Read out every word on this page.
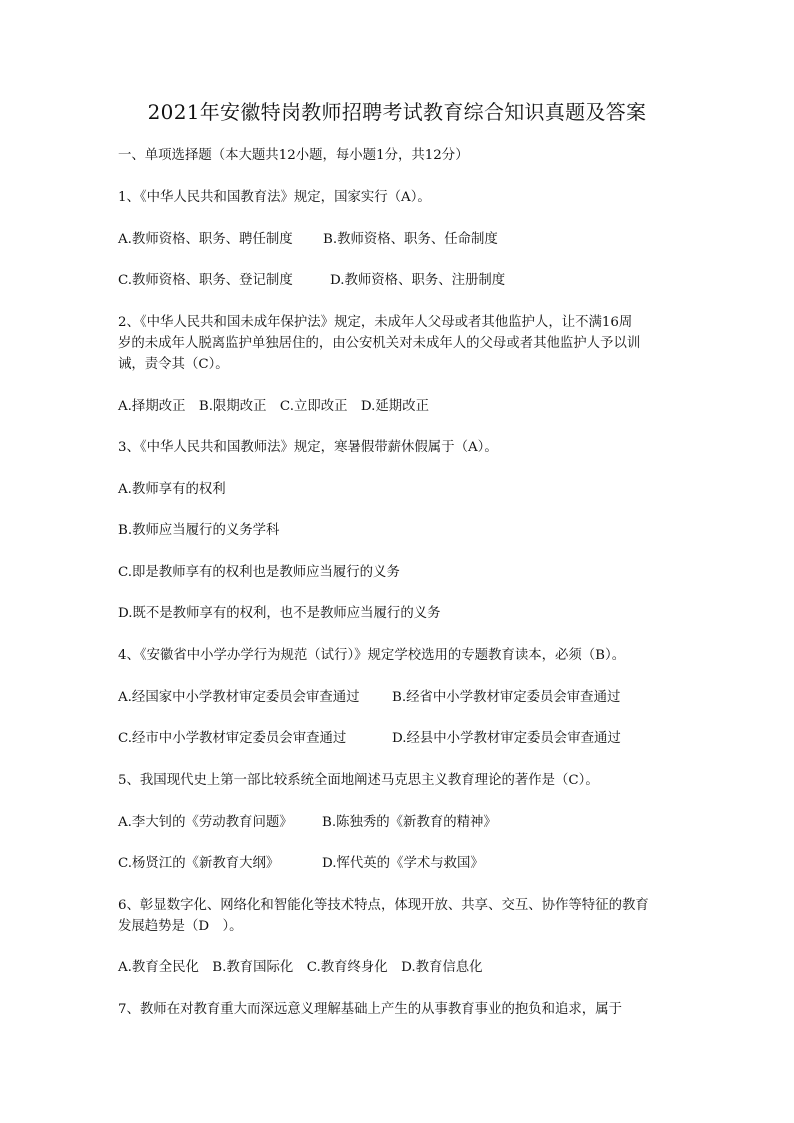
2021年安徽特岗教师招聘考试教育综合知识真题及答案
一、单项选择题（本大题共12小题，每小题1分，共12分）
1、《中华人民共和国教育法》规定，国家实行（A）。
A.教师资格、职务、聘任制度 B.教师资格、职务、任命制度
C.教师资格、职务、登记制度	D.教师资格、职务、注册制度
2、《中华人民共和国未成年保护法》规定，未成年人父母或者其他监护人，让不满16周
岁的未成年人脱离监护单独居住的，由公安机关对未成年人的父母或者其他监护人予以训
诫，责令其（C）。
A.择期改正　B.限期改正　C.立即改正　D.延期改正
3、《中华人民共和国教师法》规定，寒暑假带薪休假属于（A）。
A.教师享有的权利
B.教师应当履行的义务学科
C.即是教师享有的权利也是教师应当履行的义务
D.既不是教师享有的权利，也不是教师应当履行的义务
4、《安徽省中小学办学行为规范（试行）》规定学校选用的专题教育读本，必须（B）。
A.经国家中小学教材审定委员会审查通过 B.经省中小学教材审定委员会审查通过
C.经市中小学教材审定委员会审查通过	D.经县中小学教材审定委员会审查通过
5、我国现代史上第一部比较系统全面地阐述马克思主义教育理论的著作是（C）。
A.李大钊的《劳动教育问题》 B.陈独秀的《新教育的精神》
C.杨贤江的《新教育大纲》	D.恽代英的《学术与救国》
6、彰显数字化、网络化和智能化等技术特点，体现开放、共享、交互、协作等特征的教育
发展趋势是（D　）。
A.教育全民化　B.教育国际化　C.教育终身化　D.教育信息化
7、教师在对教育重大而深远意义理解基础上产生的从事教育事业的抱负和追求，属于
